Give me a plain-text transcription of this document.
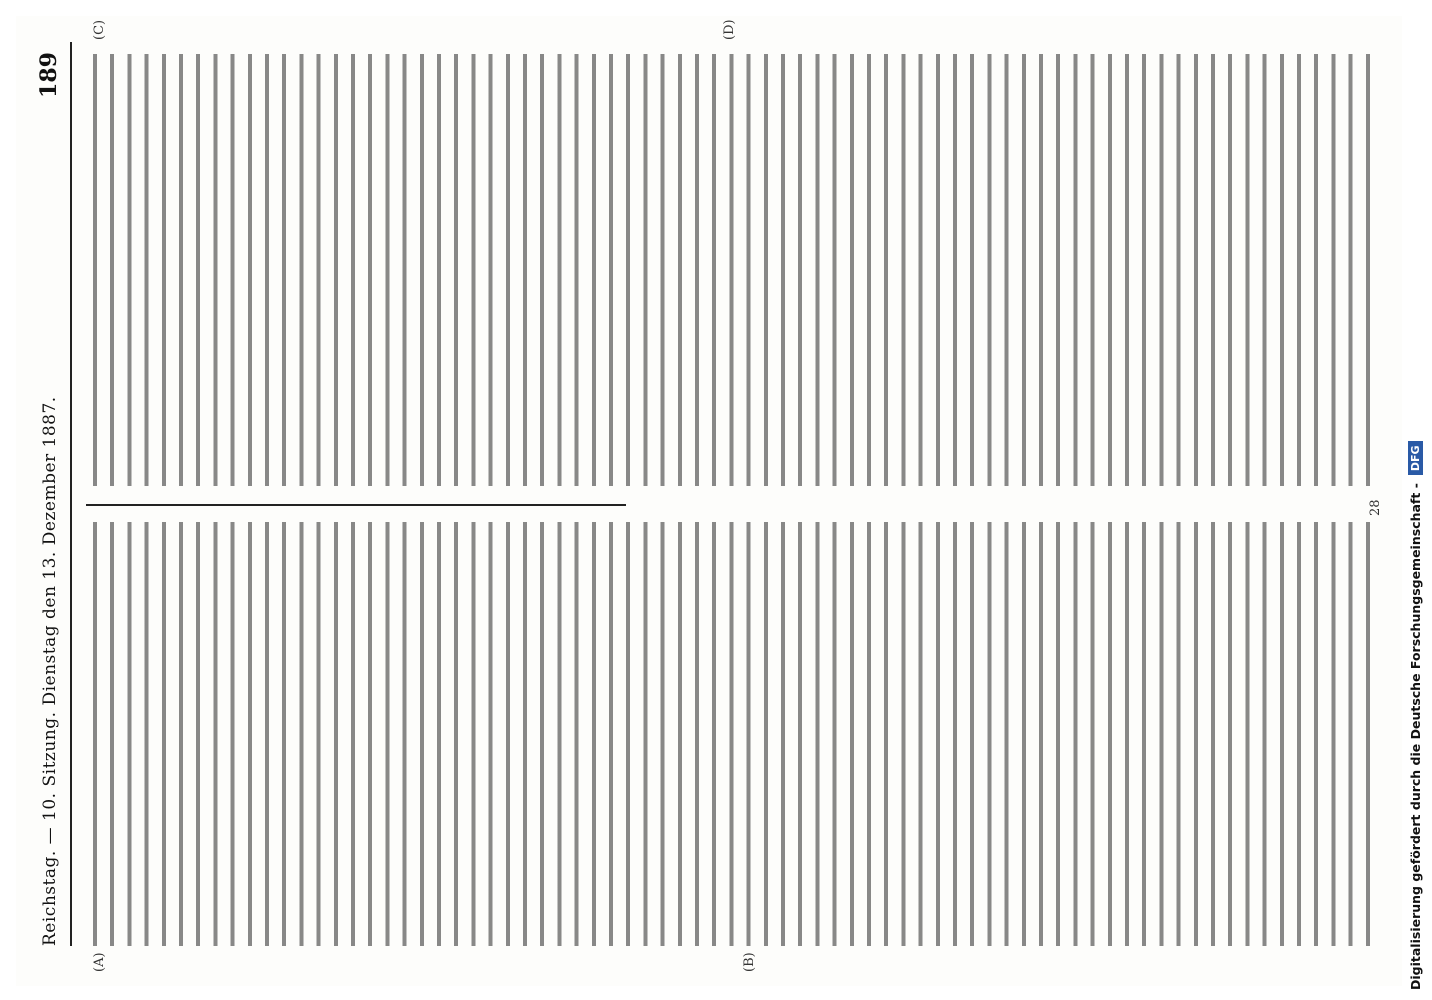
Reichstag. — 10. Sitzung. Dienstag den 13. Dezember 1887.
189
(A)	(B)
(C)	(D)
28 Digitalisierung gefördert durch die Deutsche Forschungsgemeinschaft -
DFG
